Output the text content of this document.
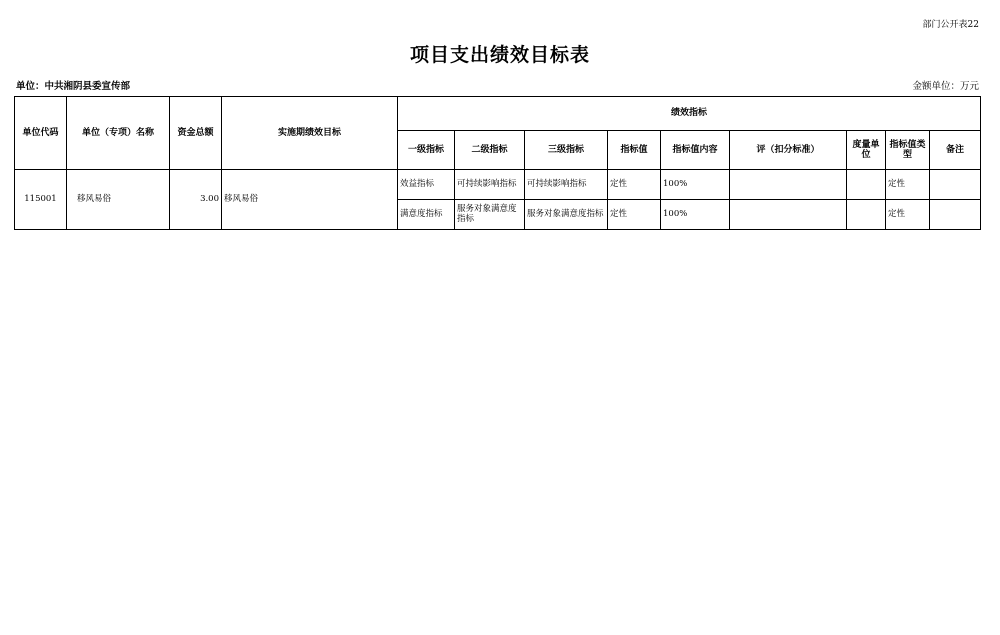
部门公开表22
项目支出绩效目标表
单位：中共湘阴县委宣传部	金额单位：万元
单位代码	单位（专项）名称	资金总额	实施期绩效目标	绩效指标								
				一级指标	二级指标	三级指标	指标值	指标值内容	评（扣分标准）	度量单位	指标值类型	备注
115001	移风易俗	3.00	移风易俗	效益指标	可持续影响指标	可持续影响指标	定性	100%			定性	
				满意度指标	服务对象满意度指标	服务对象满意度指标	定性	100%			定性	
